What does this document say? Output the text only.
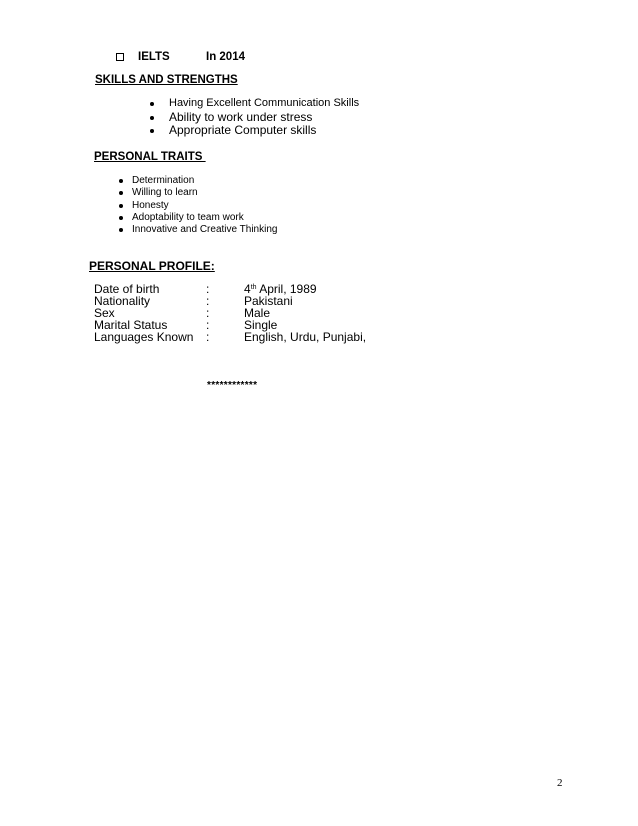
IELTS	In 2014
SKILLS AND STRENGTHS
Having Excellent Communication Skills
Ability to work under stress
Appropriate Computer skills
PERSONAL TRAITS
Determination
Willing to learn
Honesty
Adoptability to team work
Innovative and Creative Thinking
PERSONAL PROFILE:
Date of birth	:	4th April, 1989
Nationality	:	Pakistani
Sex	:	Male
Marital Status	:	Single
Languages Known :	English, Urdu, Punjabi,
************
2
